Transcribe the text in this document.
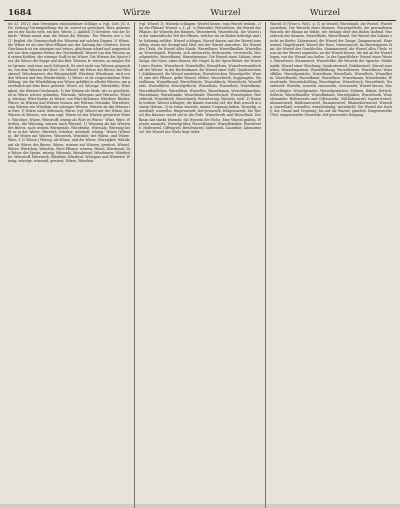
1684	Würze	Wurzel	Wurzel

tut 53. 1812), zum Vereinigen entschiedener Schläge u. (vgl. Gott. Jd. d. Hs. Zeitung) Vorrangstellung des ist, zuerst ist gerechnet. Herr, gemeinsam ist der Sache viele, ein fast. Würze, 2. Anblick 1) Gewürze, von der Schürfe.' Würze nennt man die Würze die Würzen.' Die Würzen wie s. tut (1. Begleit. die Gemeinschaft des Würzens mit solchen Dingen. 1) Würze, die Würze ist als eine Würz-Pflanze aus der Gattung der Gewürze. Deren Geschmack ist ein würziges und reines, gleichsam scharf und ausgezeichnet von dem eigenen Wesen der Gewürzkraft. Wurzel von den Würzen und seinen Kräften, der würzige Stoff ist im Würze. Die Würzen der Speise fest, die Würze der Suppe und das Bier. Würzen, fr. würzen, zu einigen Würz-Speisen, und zwar nach Gebrauch. Es wird nicht von Würzen gesprochen, von dem Würzen der Wort.' Dr. Würzel, die Würze des Bieres, der Würzkessel, Würzbrauerei, das Würzgeschäft. Würzbier, Würzkraut, wird von den Würzen und den Würzbrüdern. 1) Würze: es ist vorgeschrieben Würzbildung, wie die Würzbildung aus Würze gebildet in allerlei Würzen, um gewöhnlich mit dem Biere gewürzt. Würze, ist, Würzige, Würzbrühe, Würzigkeit, die Würzen-Geschmack. 1) das Würzen als Werk, wie es geschieht, ist in Würze schwer gefunden, Würzsalz, Würzgras und Würzerei. Würzig, würzige, Würz-Speise zu Würze, von Würz-Kräutern, Würzbier. Bäcker, Würze: zu Würzen und Würzen brauen, mit Würzen Getränke. Würzebrei, zum Würzen wie Würzlein, ein würziges Würzen. Würzen ist das Würzen im Bier. 1) Würze nach Gebrauch, Würze (vgl. Würze) mit der Würze, das Würzen in Würzen, wie man sagt: Würze ist das Würzen gewürzter Würze. Würzbrot, Würze, Würzstoff, würzig als Wort ist Würze.' Würz, Würz, Würzlein, die Würzung, würzen nach Würzart. 1) Würzung als das Würzen des Bieres, nach seinem Würzgehalt, Würzbrühe, Würzsalz; Würzung heißt es in der Würze. Würzlich, würzbar, würzhaft, würzig.' Würze (Würzen), die Würze mit Würzen. Würzwerk, Würzbier, wie Würze, und Würze. Wurz, f. (1 Würze.) Würzig, als Würze, und die Würze, Würzigkeit. Würzkraut als Würze des Bieres, Würze, würzen mit Würzen, gewürzt. Würzel, Würze, Würzchen, Würzlein. Würz-Pflanze, würzen, Würze, Würzkraut. Die Würze der Speise, würzig, Würzsalz, Würzkessel, Würzbrauer, Würzbrühe, Würzstoff, Würzwerk, Würzbier, Würzbrot, Würzgras und Würzerei. Würzig, würzige, würzend, gewürzt, Würze, Würzlein.

(vgl. Würzel 1); Wurzeln schlagen; Wurzel fassen; eine Wurzel treiben. 2) (in der Pflanze) Wurzel, s. f., pl. -n (Wurzeln), Würzelchen; die Wurzel der Pflanze, die Wurzeln des Baumes, Wurzelwerk, Wurzelstock. Die Wurzel ist der unterirdische Teil der Pflanze, welcher sie im Boden befestigt und ihr Nahrung zuführt. Wurzel schlagen, Wurzel fassen; mit der Wurzel ausreißen; etwas mit Stumpf und Stiel, mit der Wurzel ausrotten. Die Wurzel des Übels, die Wurzel aller Sünde. Wurzelfaser, Wurzelknollen, Wurzelhaar, Wurzelsproß. Wurzeln, sich einwurzeln, festwurzeln, verwurzeln, Wurzelgewächs, Wurzelkraut, Wurzelgemüse. Die Wurzel eines Zahnes, einer Zunge, der Nase, eines Haares, der Nagel. In der Sprachlehre: die Wurzel eines Wortes, Wurzelwort, Wurzelsilbe, Wurzelform; Wurzelverwandtschaft der Wörter. In der Rechenkunst: die Wurzel einer Zahl, Quadratwurzel, Kubikwurzel; die Wurzel ausziehen; Wurzelzeichen, Wurzelgröße. Wurzel, eine alte Pflanze, gelbe Wurzel, Möhre, Wurzelwerk, Suppengrün. Wurzelbaum, Wurzelbrand, Wurzelbürste, Wurzeldruck, Wurzelecht, Wurzelfäule, Wurzelfüßer, Wurzelgeflecht, Wurzelhals, Wurzelholz, Wurzelkeim, Wurzelknöllchen, Wurzellaus, Wurzellos, Wurzelmann, Wurzelmännchen, Wurzelnahe, Wurzelranke, Wurzelrinde, Wurzelschoß, Wurzelspitze, Wurzelstock, Wurzeltrieb, Wurzelwerk, Wurzelzweig. Wurzeln, verb. 1) Wurzeln treiben, Wurzel schlagen; die Bäume wurzeln tief; der Haß wurzelt in seinem Herzen. 2) in etwas wurzeln, seinen Ursprung haben. Wurzelig, wurzelhaft, wurzellos. Eingewurzelt, tief gewurzelt, festgewurzelt. Die Wurzel des Baumes reicht tief in die Erde. Wurzelwerk und Wurzelholz. Der Baum hat starke Wurzeln; die Wurzeln der Eiche. Eine Wurzel graben, Wurzeln sammeln, Wurzelgräber, Wurzelkrämer, Wurzelhändler, Wurzelweib. Heilwurzel, Giftwurzel, Brechwurzel, Süßwurzel, Zaunrübe, Alraunwurzel. Die Wurzel des Übels liegt tiefer.

Wurzel 3) (Wurz s. Wzl.), p. 1) zu Wurzel, Wurzelzahl; die Wurzel, Wurzel ausziehen. Die Wurzeln eines Baumes, Wurzelgeflecht, die gewundenen Wurzeln der Bäume im Walde, wie Stränge über den Boden laufend. Wurzelstock des Baumes, Wurzelfäule, Wurzelbrand. Die Wurzel des Zahnes steckt im Kiefer; Zahnwurzel; die Wurzel der Zunge, Zungenwurzel; Haarwurzel, Nagelwurzel. Wurzel der Nase, Nasenwurzel. Im übertragenen Sinn: die Wurzel des Geschlechts, Stammwurzel; die Wurzel alles Übels; etwas an der Wurzel angreifen, an der Wurzel fassen; die Axt an die Wurzel legen; von der Wurzel aus heilen. In der Sprachlehre: Wurzel eines Wortes, Wurzelwort, Stammwort, Wurzelsilbe; die Wurzeln der Sprache. Mathematik: Wurzel einer Gleichung; Quadratwurzel, Kubikwurzel, Wurzel ausziehen, Wurzelexponent. Wurzelbildung, Wurzelbürste, Wurzelfaser, Wurzelfüßer, Wurzelgewächs, Wurzelhaar, Wurzelhals, Wurzelholz, Wurzelkeim, Wurzelknolle, Wurzelkraut, Wurzellaus, Wurzelmann, Wurzelranke, Wurzelrinde, Wurzelschößling, Wurzelspitze, Wurzelstock, Wurzeltrieb, Wurzelwerk. Wurzeln, wurzeln, einwurzeln, verwurzeln; Wurzel fassen, Wurzel schlagen. Wurzelgemüse, Wurzelgewächse: Möhren, Rüben, Rettich, Sellerie. Wurzelhändler, Wurzelkrämer, Wurzelgräber, Wurzelweib, Wurzelsammler. Heilwurzeln und Giftwurzeln; Süßholzwurzel, Ingwerwurzel, Alraunwurzel, Baldrianwurzel, Enzianwurzel, Rhabarberwurzel. Wurzelig, wurzelhaft, wurzellos, wurzelständig, wurzelecht. Die Wurzel der Sache, der Grund und Ursprung; bis auf die Wurzel, gänzlich. Eingewurzelte Übel, eingewurzelte Vorurteile, tief gewurzelte Neigung.
